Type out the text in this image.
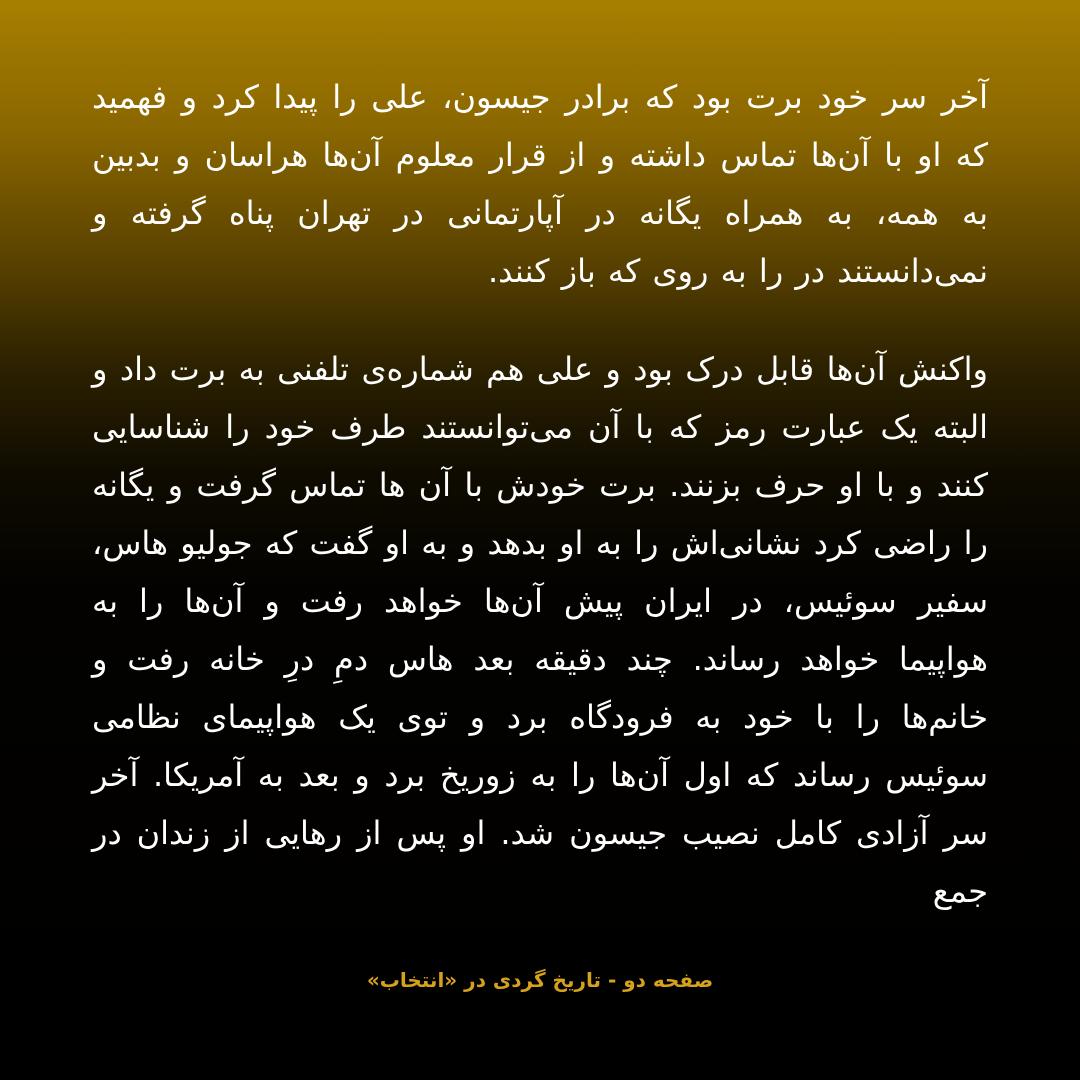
آخر سر خود برت بود که برادر جیسون، علی را پیدا کرد و فهمید که او با آن‌ها تماس داشته و از قرار معلوم آن‌ها هراسان و بدبین به همه، به همراه یگانه در آپارتمانی در تهران پناه گرفته و نمی‌دانستند در را به روی که باز کنند.

واکنش آن‌ها قابل درک بود و علی هم شماره‌ی تلفنی به برت داد و البته یک عبارت رمز که با آن می‌توانستند طرف خود را شناسایی کنند و با او حرف بزنند. برت خودش با آن ها تماس گرفت و یگانه را راضی کرد نشانی‌اش را به او بدهد و به او گفت که جولیو هاس، سفیر سوئیس، در ایران پیش آن‌ها خواهد رفت و آن‌ها را به هواپیما خواهد رساند. چند دقیقه بعد هاس دمِ درِ خانه رفت و خانم‌ها را با خود به فرودگاه برد و توی یک هواپیمای نظامی سوئیس رساند که اول آن‌ها را به زوریخ برد و بعد به آمریکا. آخر سر آزادی کامل نصیب جیسون شد. او پس از رهایی از زندان در جمع

صفحه دو - تاریخ گردی در «انتخاب»
